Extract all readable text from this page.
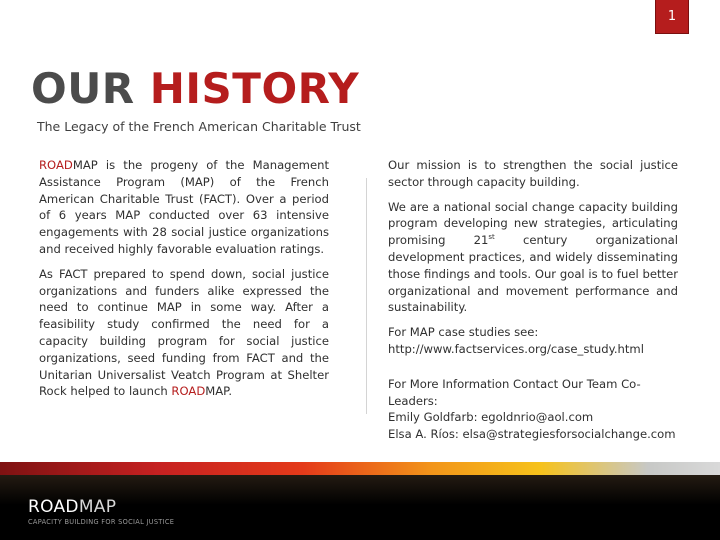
1
OUR HISTORY
The Legacy of the French American Charitable Trust

ROADMAP is the progeny of the Management Assistance Program (MAP) of the French American Charitable Trust (FACT). Over a period of 6 years MAP conducted over 63 intensive engagements with 28 social justice organizations and received highly favorable evaluation ratings.

As FACT prepared to spend down, social justice organizations and funders alike expressed the need to continue MAP in some way. After a feasibility study confirmed the need for a capacity building program for social justice organizations, seed funding from FACT and the Unitarian Universalist Veatch Program at Shelter Rock helped to launch ROADMAP.

Our mission is to strengthen the social justice sector through capacity building.

We are a national social change capacity building program developing new strategies, articulating promising 21st century organizational development practices, and widely disseminating those findings and tools. Our goal is to fuel better organizational and movement performance and sustainability.

For MAP case studies see:
http://www.factservices.org/case_study.html

For More Information Contact Our Team Co-Leaders:
Emily Goldfarb: egoldnrio@aol.com
Elsa A. Ríos: elsa@strategiesforsocialchange.com

ROADMAP
CAPACITY BUILDING FOR SOCIAL JUSTICE
